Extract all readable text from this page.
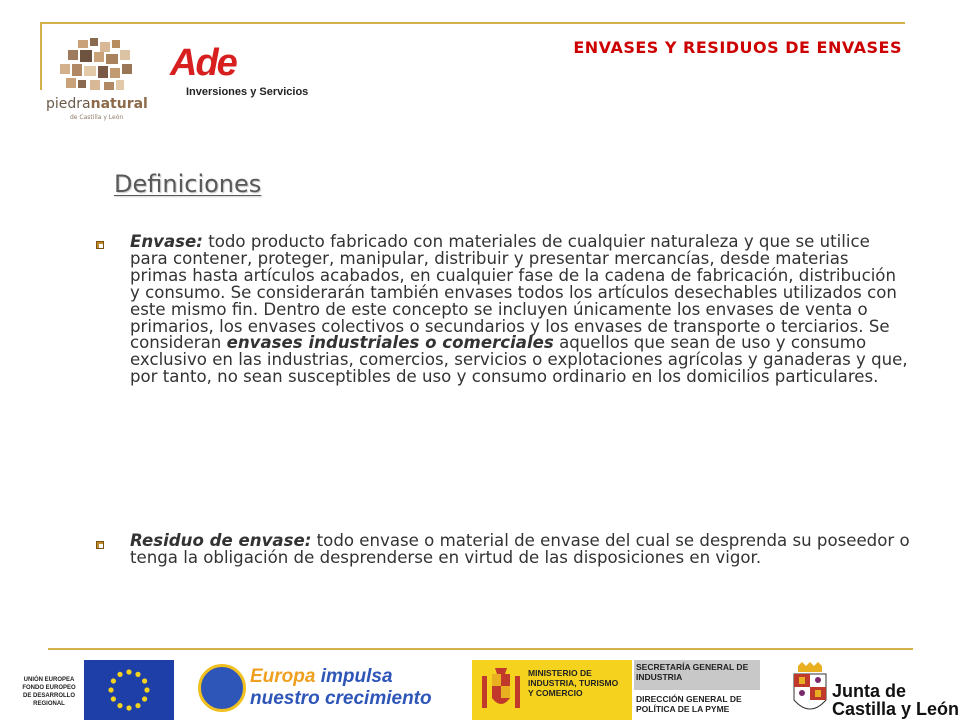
ENVASES Y RESIDUOS DE ENVASES
piedranatural
de Castilla y León
Ade
Inversiones y Servicios
Definiciones
Envase: todo producto fabricado con materiales de cualquier naturaleza y que se utilice para contener, proteger, manipular, distribuir y presentar mercancías, desde materias primas hasta artículos acabados, en cualquier fase de la cadena de fabricación, distribución y consumo. Se considerarán también envases todos los artículos desechables utilizados con este mismo fin. Dentro de este concepto se incluyen únicamente los envases de venta o primarios, los envases colectivos o secundarios y los envases de transporte o terciarios. Se consideran envases industriales o comerciales aquellos que sean de uso y consumo exclusivo en las industrias, comercios, servicios o explotaciones agrícolas y ganaderas y que, por tanto, no sean susceptibles de uso y consumo ordinario en los domicilios particulares.
Residuo de envase: todo envase o material de envase del cual se desprenda su poseedor o tenga la obligación de desprenderse en virtud de las disposiciones en vigor.
UNIÓN EUROPEA
FONDO EUROPEO
DE DESARROLLO
REGIONAL
Europa impulsa
nuestro crecimiento
MINISTERIO DE
INDUSTRIA, TURISMO
Y COMERCIO
SECRETARÍA GENERAL DE
INDUSTRIA
DIRECCIÓN GENERAL DE
POLÍTICA DE LA PYME
Junta de
Castilla y León
